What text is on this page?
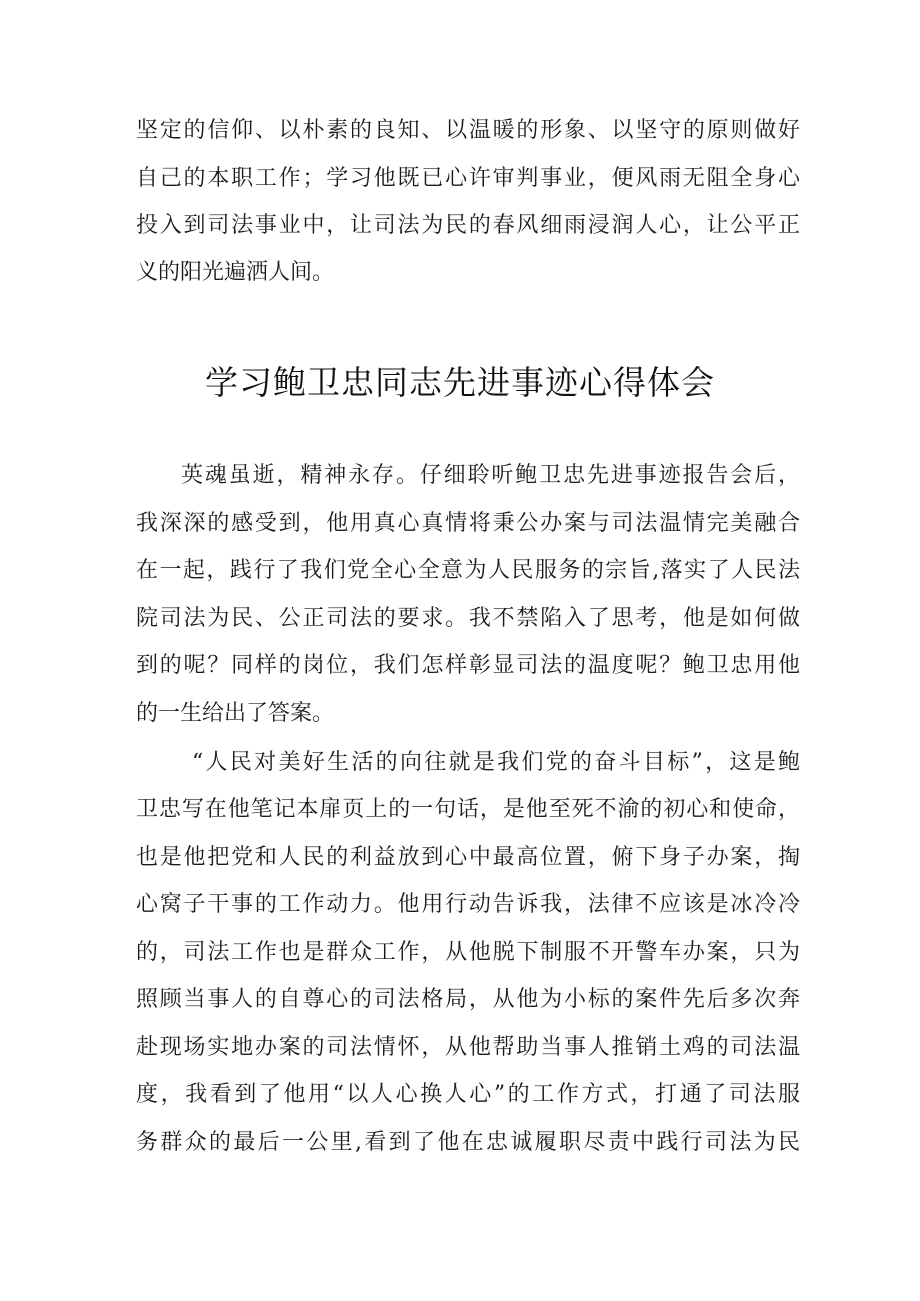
坚定的信仰、以朴素的良知、以温暖的形象、以坚守的原则做好
自己的本职工作；学习他既已心许审判事业，便风雨无阻全身心
投入到司法事业中，让司法为民的春风细雨浸润人心，让公平正
义的阳光遍洒人间。
学习鲍卫忠同志先进事迹心得体会
英魂虽逝，精神永存。仔细聆听鲍卫忠先进事迹报告会后，
我深深的感受到，他用真心真情将秉公办案与司法温情完美融合
在一起，践行了我们党全心全意为人民服务的宗旨,落实了人民法
院司法为民、公正司法的要求。我不禁陷入了思考，他是如何做
到的呢？同样的岗位，我们怎样彰显司法的温度呢？鲍卫忠用他
的一生给出了答案。
“人民对美好生活的向往就是我们党的奋斗目标”，这是鲍
卫忠写在他笔记本扉页上的一句话，是他至死不渝的初心和使命，
也是他把党和人民的利益放到心中最高位置，俯下身子办案，掏
心窝子干事的工作动力。他用行动告诉我，法律不应该是冰冷冷
的，司法工作也是群众工作，从他脱下制服不开警车办案，只为
照顾当事人的自尊心的司法格局，从他为小标的案件先后多次奔
赴现场实地办案的司法情怀，从他帮助当事人推销土鸡的司法温
度，我看到了他用“以人心换人心”的工作方式，打通了司法服
务群众的最后一公里,看到了他在忠诚履职尽责中践行司法为民
